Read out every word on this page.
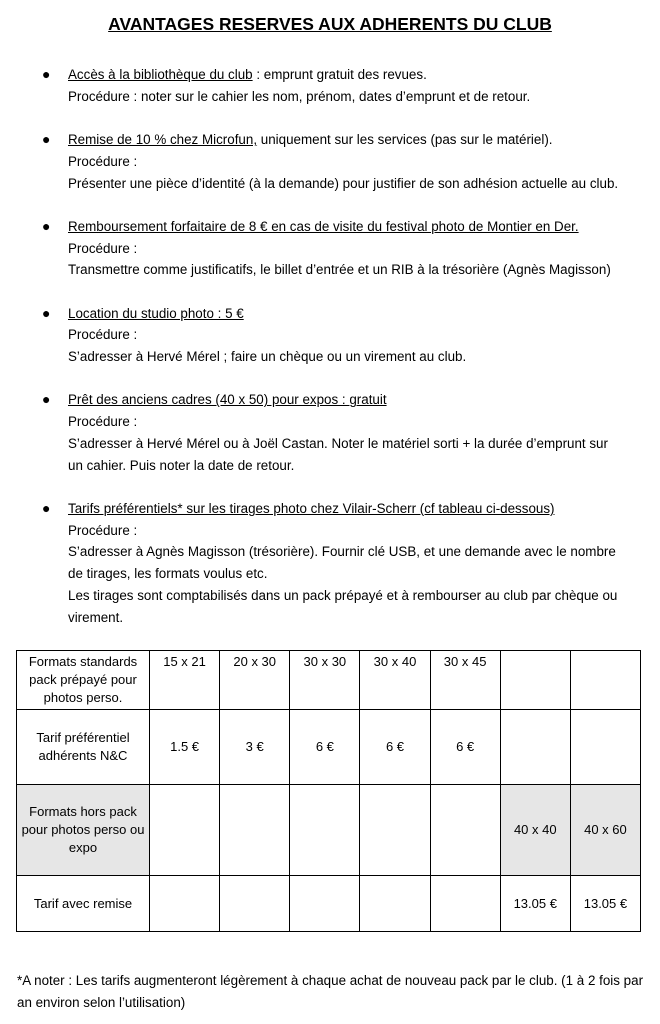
AVANTAGES RESERVES AUX ADHERENTS DU CLUB
● Accès à la bibliothèque du club : emprunt gratuit des revues.
Procédure : noter sur le cahier les nom, prénom, dates d’emprunt et de retour.
● Remise de 10 % chez Microfun, uniquement sur les services (pas sur le matériel).
Procédure :
Présenter une pièce d’identité (à la demande) pour justifier de son adhésion actuelle au club.
● Remboursement forfaitaire de 8 € en cas de visite du festival photo de Montier en Der.
Procédure :
Transmettre comme justificatifs, le billet d’entrée et un RIB à la trésorière (Agnès Magisson)
● Location du studio photo : 5 €
Procédure :
S’adresser à Hervé Mérel ; faire un chèque ou un virement au club.
● Prêt des anciens cadres (40 x 50) pour expos : gratuit
Procédure :
S’adresser à Hervé Mérel ou à Joël Castan. Noter le matériel sorti + la durée d’emprunt sur
un cahier. Puis noter la date de retour.
● Tarifs préférentiels* sur les tirages photo chez Vilair-Scherr (cf tableau ci-dessous)
Procédure :
S’adresser à Agnès Magisson (trésorière). Fournir clé USB, et une demande avec le nombre
de tirages, les formats voulus etc.
Les tirages sont comptabilisés dans un pack prépayé et à rembourser au club par chèque ou
virement.
Formats standards pack prépayé pour photos perso.	15 x 21	20 x 30	30 x 30	30 x 40	30 x 45		
Tarif préférentiel adhérents N&C	1.5 €	3 €	6 €	6 €	6 €		
Formats hors pack pour photos perso ou expo						40 x 40	40 x 60
Tarif avec remise						13.05 €	13.05 €
*A noter : Les tarifs augmenteront légèrement à chaque achat de nouveau pack par le club. (1 à 2 fois par an environ selon l’utilisation)
